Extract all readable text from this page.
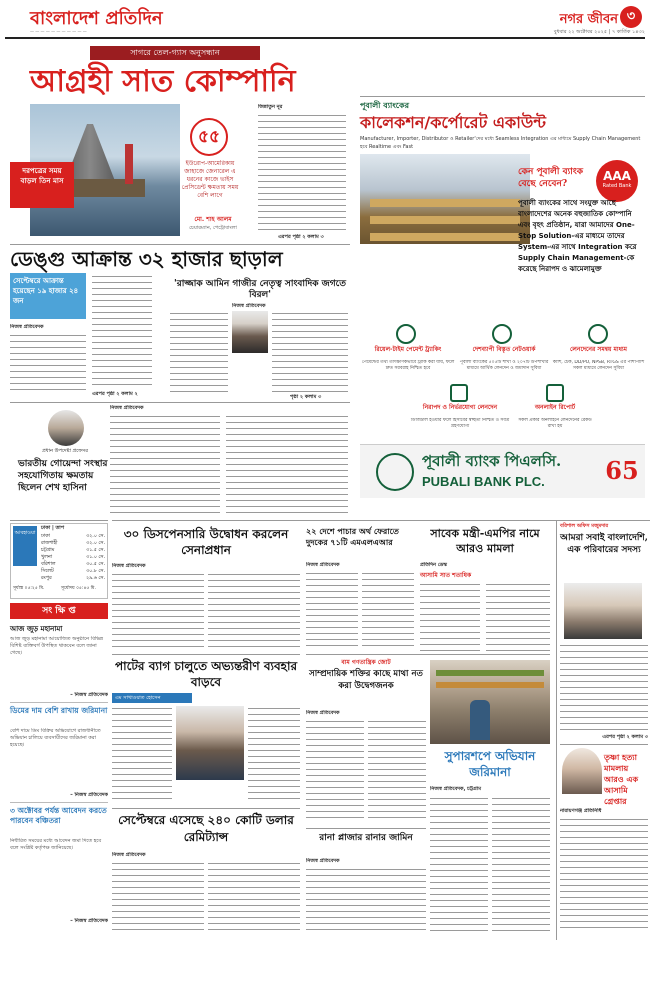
বাংলাদেশ প্রতিদিন
— — — — — — — — — — —
নগর জীবন ৩
বুধবার ২২ অক্টোবর ২০২৫ | ৭ কার্তিক ১৪৩২
সাগরে তেল-গ্যাস অনুসন্ধান
আগ্রহী সাত কোম্পানি
দরপত্রের সময় বাড়ল তিন মাস
৫৫
ইউরোপ-আমেরিকায় জাহাজে জেনারেল এ ধরনের কাজে ভাইস প্রেসিডেন্ট ক্ষমতায় সময় বেশি লাগে
মো. শাহ আলম
চেয়ারম্যান, পেট্রোবাংলা
জিন্নাতুন নূর
এরপর পৃষ্ঠা ২ কলাম ৩
ডেঙ্গু আক্রান্ত ৩২ হাজার ছাড়াল
সেপ্টেম্বরে আক্রান্ত হয়েছেন ১৯ হাজার ২৪ জন
নিজস্ব প্রতিবেদক
এরপর পৃষ্ঠা ২ কলাম ২
'রাজ্জাক আমিন গাজীর নেতৃত্ব সাংবাদিক জগতে বিরল'
নিজস্ব প্রতিবেদক
পৃষ্ঠা ২ কলাম ৩
পূবালী ব্যাংকের
কালেকশন/কর্পোরেট একাউন্ট
Manufacturer, Importer, Distributor ও Retailer'দের মধ্যে Seamless Integration এর মাধ্যমে Supply Chain Management হবে Realtime এবং Fast
AAA
Rated Bank
কেন পূবালী ব্যাংক বেছে নেবেন?
পূবালী ব্যাংকের সাথে সংযুক্ত আছে বাংলাদেশের অনেক বহুজাতিক কোম্পানি এবং বৃহৎ প্রতিষ্ঠান, যারা আমাদের One-Stop Solution-এর মাধ্যমে তাদের System-এর সাথে Integration করে Supply Chain Management-কে করেছে নিরাপদ ও ঝামেলামুক্ত
রিয়েল-টাইম পেমেন্ট ট্র্যাকিং
পেমেন্টের তথ্য তাৎক্ষণিকভাবে ট্র্যাক করা যায়, ফলে দ্রুত সরবরাহ নিশ্চিত হবে
দেশব্যাপী বিস্তৃত নেটওয়ার্ক
পূবালী ব্যাংকের ৫০৫টি শাখা ও ২০৭টি উপশাখার মাধ্যমে আর্থিক লেনদেন ও জমাদান সুবিধা
লেনদেনের সমন্বয় মাধ্যম
ক্যাশ, চেক, DD/PO, NPSB, RTGS এর পাশাপাশি সকল মাধ্যমে লেনদেন সুবিধা
নিরাপদ ও নির্ভরযোগ্য লেনদেন
ডিজিটাল হওয়ার ফলে হিসাবের স্বচ্ছতা নিশ্চিত ও সর্বত্র গ্রহণযোগ্য
অনলাইন রিপোর্ট
সকল প্রকার অনলাইনে লেনদেনের রেকর্ড রাখা হয়
পূবালী ব্যাংক পিএলসি.
PUBALI BANK PLC.	65
নিজস্ব প্রতিবেদক
প্রধান উপদেষ্টা প্রফেসর
ভারতীয় গোয়েন্দা সংস্থার সহযোগিতায় ক্ষমতায় ছিলেন শেখ হাসিনা
আবহাওয়া
ঢাকা | তাপ
ঢাকা	৩২.০ সে.
রাজশাহী	৩২.০ সে.
চট্টগ্রাম	৩১.৫ সে.
খুলনা	৩১.০ সে.
বরিশাল	৩০.৫ সে.
সিলেট	৩০.৮ সে.
রংপুর	২৯.৬ সে.
সূর্যাস্ত ০৫:২৫ মি.	সূর্যোদয় ০৫:৪৫ মি.
সং ক্ষি প্ত
আজ জুড় মহানামা
আজ জুড় মহানামা আয়োজিত অনুষ্ঠানে বিভিন্ন বিশিষ্ট ব্যক্তিবর্গ উপস্থিত থাকবেন বলে জানা গেছে।
– নিজস্ব প্রতিবেদক
ডিমের দাম বেশি রাখায় জরিমানা
বেশি দামে ডিম বিক্রির অভিযোগে রাজধানীতে অভিযান চালিয়ে ব্যবসায়ীদের জরিমানা করা হয়েছে।
– নিজস্ব প্রতিবেদক
৩ অক্টোবর পর্যন্ত আবেদন করতে পারবেন বঞ্চিতরা
নির্ধারিত সময়ের মধ্যে আবেদন জমা দিতে হবে বলে সংশ্লিষ্ট কর্তৃপক্ষ জানিয়েছে।
– নিজস্ব প্রতিবেদক
৩০ ডিসপেনসারি উদ্বোধন করলেন সেনাপ্রধান
নিজস্ব প্রতিবেদক
পাটের ব্যাগ চালুতে অভ্যন্তরীণ ব্যবহার বাড়বে
এম সাখাওয়াত হোসেন
সেপ্টেম্বরে এসেছে ২৪০ কোটি ডলার রেমিট্যান্স
নিজস্ব প্রতিবেদক
২২ দেশে পাচার অর্থ ফেরাতে দুদকের ৭১টি এমএলএআর
নিজস্ব প্রতিবেদক
সাবেক মন্ত্রী-এমপির নামে আরও মামলা
প্রতিদিন ডেস্ক
আসামি সাত শতাধিক
বাম গণতান্ত্রিক জোট
সাম্প্রদায়িক শক্তির কাছে মাথা নত করা উদ্বেগজনক
নিজস্ব প্রতিবেদক
রানা প্লাজার রানার জামিন
নিজস্ব প্রতিবেদক
সুপারশপে অভিযান জরিমানা
নিজস্ব প্রতিবেদক, চট্টগ্রাম
বরিশাল অফিস মজুমদার
আমরা সবাই বাংলাদেশি, এক পরিবারের সদস্য
এরপর পৃষ্ঠা ২ কলাম ৩
তৃষ্ণা হত্যা মামলায় আরও এক আসামি গ্রেপ্তার
নারায়ণগঞ্জ প্রতিনিধি
